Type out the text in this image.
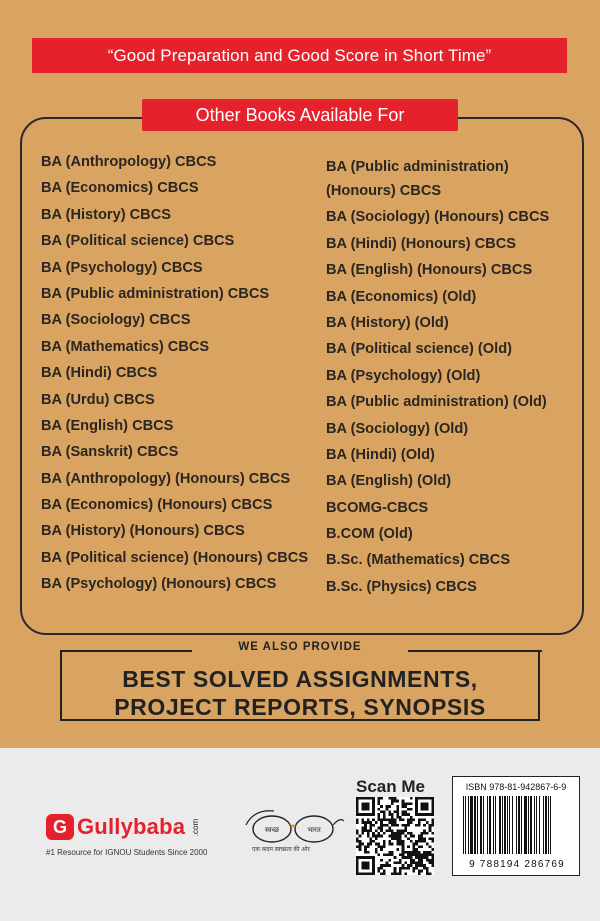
“Good Preparation and Good Score in Short Time”
Other Books Available For
BA (Anthropology) CBCS
BA (Economics) CBCS
BA (History) CBCS
BA (Political science) CBCS
BA (Psychology) CBCS
BA (Public administration) CBCS
BA (Sociology) CBCS
BA (Mathematics) CBCS
BA (Hindi) CBCS
BA (Urdu) CBCS
BA (English) CBCS
BA (Sanskrit) CBCS
BA (Anthropology) (Honours) CBCS
BA (Economics) (Honours) CBCS
BA (History) (Honours) CBCS
BA (Political science) (Honours) CBCS
BA (Psychology) (Honours) CBCS
BA (Public administration) (Honours) CBCS
BA (Sociology) (Honours) CBCS
BA (Hindi) (Honours) CBCS
BA (English) (Honours) CBCS
BA (Economics) (Old)
BA (History) (Old)
BA (Political science) (Old)
BA (Psychology) (Old)
BA (Public administration) (Old)
BA (Sociology) (Old)
BA (Hindi) (Old)
BA (English) (Old)
BCOMG-CBCS
B.COM (Old)
B.Sc. (Mathematics) CBCS
B.Sc. (Physics) CBCS
WE ALSO PROVIDE
BEST SOLVED ASSIGNMENTS,
PROJECT REPORTS, SYNOPSIS
G Gullybaba .com
#1 Resource for IGNOU Students Since 2000
स्वच्छ	भारत
एक कदम स्वच्छता की ओर
Scan Me	ISBN 978-81-942867-6-9
9 788194 286769
